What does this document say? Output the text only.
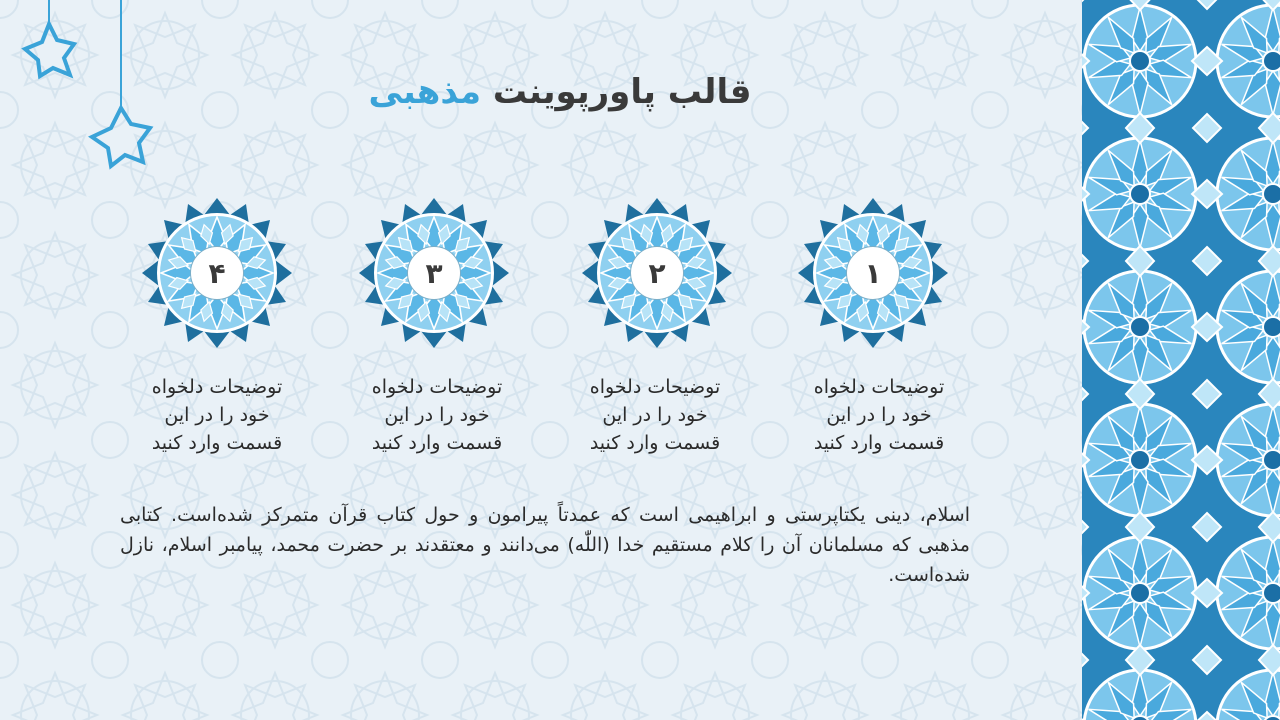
قالب پاورپوینت مذهبی
۱
۲
۳
۴
توضیحات دلخواه
خود را در این
قسمت وارد کنید
توضیحات دلخواه
خود را در این
قسمت وارد کنید
توضیحات دلخواه
خود را در این
قسمت وارد کنید
توضیحات دلخواه
خود را در این
قسمت وارد کنید

اسلام، دینی یکتاپرستی و ابراهیمی است که عمدتاً پیرامون و حول کتاب قرآن متمرکز شده‌است. کتابی مذهبی که مسلمانان آن را کلام مستقیم خدا (اللّٰه) می‌دانند و معتقدند بر حضرت محمد، پیامبر اسلام، نازل شده‌است.
